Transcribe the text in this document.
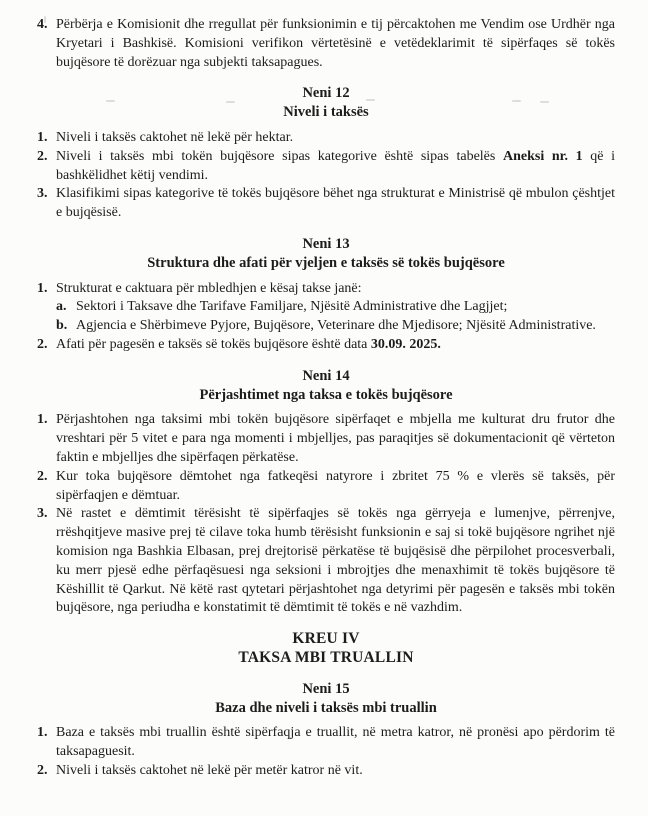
4. Përbërja e Komisionit dhe rregullat për funksionimin e tij përcaktohen me Vendim ose Urdhër nga Kryetari i Bashkisë. Komisioni verifikon vërtetësinë e vetëdeklarimit të sipërfaqes së tokës bujqësore të dorëzuar nga subjekti taksapagues.
Neni 12
Niveli i taksës
1. Niveli i taksës caktohet në lekë për hektar.
2. Niveli i taksës mbi tokën bujqësore sipas kategorive është sipas tabelës Aneksi nr. 1 që i bashkëlidhet këtij vendimi.
3. Klasifikimi sipas kategorive të tokës bujqësore bëhet nga strukturat e Ministrisë që mbulon çështjet e bujqësisë.
Neni 13
Struktura dhe afati për vjeljen e taksës së tokës bujqësore
1. Strukturat e caktuara për mbledhjen e kësaj takse janë:
a. Sektori i Taksave dhe Tarifave Familjare, Njësitë Administrative dhe Lagjjet;
b. Agjencia e Shërbimeve Pyjore, Bujqësore, Veterinare dhe Mjedisore; Njësitë Administrative.
2. Afati për pagesën e taksës së tokës bujqësore është data 30.09. 2025.
Neni 14
Përjashtimet nga taksa e tokës bujqësore
1. Përjashtohen nga taksimi mbi tokën bujqësore sipërfaqet e mbjella me kulturat dru frutor dhe vreshtari për 5 vitet e para nga momenti i mbjelljes, pas paraqitjes së dokumentacionit që vërteton faktin e mbjelljes dhe sipërfaqen përkatëse.
2. Kur toka bujqësore dëmtohet nga fatkeqësi natyrore i zbritet 75 % e vlerës së taksës, për sipërfaqjen e dëmtuar.
3. Në rastet e dëmtimit tërësisht të sipërfaqjes së tokës nga gërryeja e lumenjve, përrenjve, rrëshqitjeve masive prej të cilave toka humb tërësisht funksionin e saj si tokë bujqësore ngrihet një komision nga Bashkia Elbasan, prej drejtorisë përkatëse të bujqësisë dhe përpilohet procesverbali, ku merr pjesë edhe përfaqësuesi nga seksioni i mbrojtjes dhe menaxhimit të tokës bujqësore të Këshillit të Qarkut. Në këtë rast qytetari përjashtohet nga detyrimi për pagesën e taksës mbi tokën bujqësore, nga periudha e konstatimit të dëmtimit të tokës e në vazhdim.
KREU IV
TAKSA MBI TRUALLIN
Neni 15
Baza dhe niveli i taksës mbi truallin
1. Baza e taksës mbi truallin është sipërfaqja e truallit, në metra katror, në pronësi apo përdorim të taksapaguesit.
2. Niveli i taksës caktohet në lekë për metër katror në vit.
